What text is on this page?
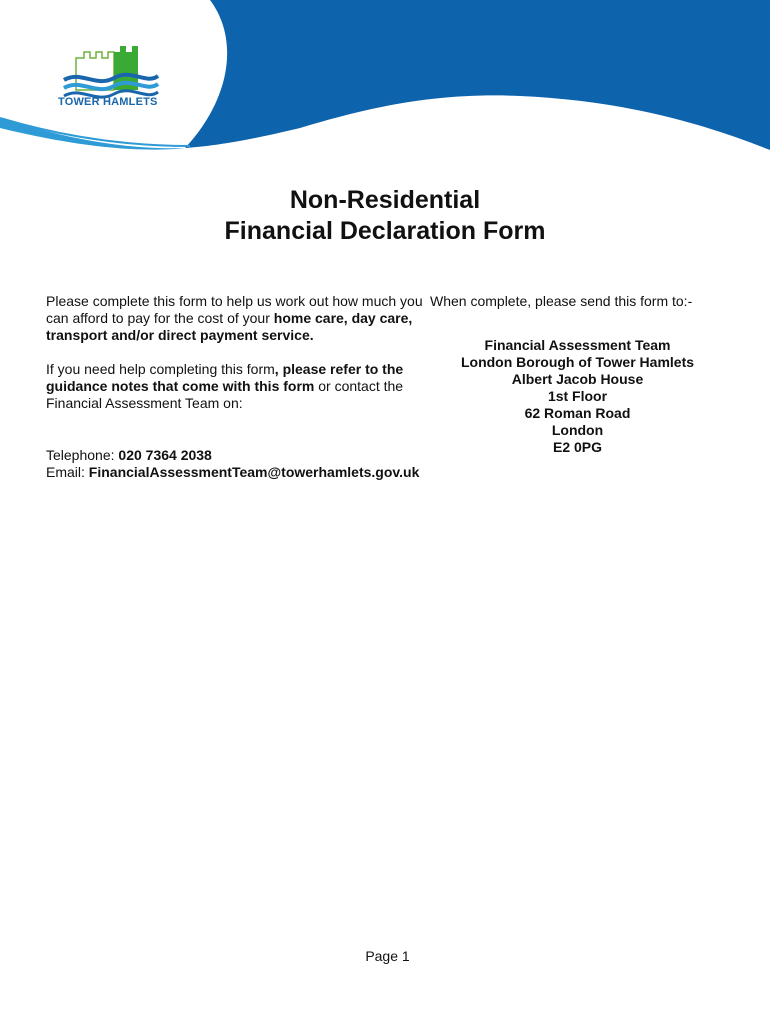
TOWER HAMLETS
Non-Residential
Financial Declaration Form

Please complete this form to help us work out how much you can afford to pay for the cost of your home care, day care, transport and/or direct payment service.

If you need help completing this form, please refer to the guidance notes that come with this form or contact the Financial Assessment Team on:

Telephone: 020 7364 2038
Email: FinancialAssessmentTeam@towerhamlets.gov.uk

When complete, please send this form to:-

Financial Assessment Team
London Borough of Tower Hamlets
Albert Jacob House
1st Floor
62 Roman Road
London
E2 0PG
Page 1
